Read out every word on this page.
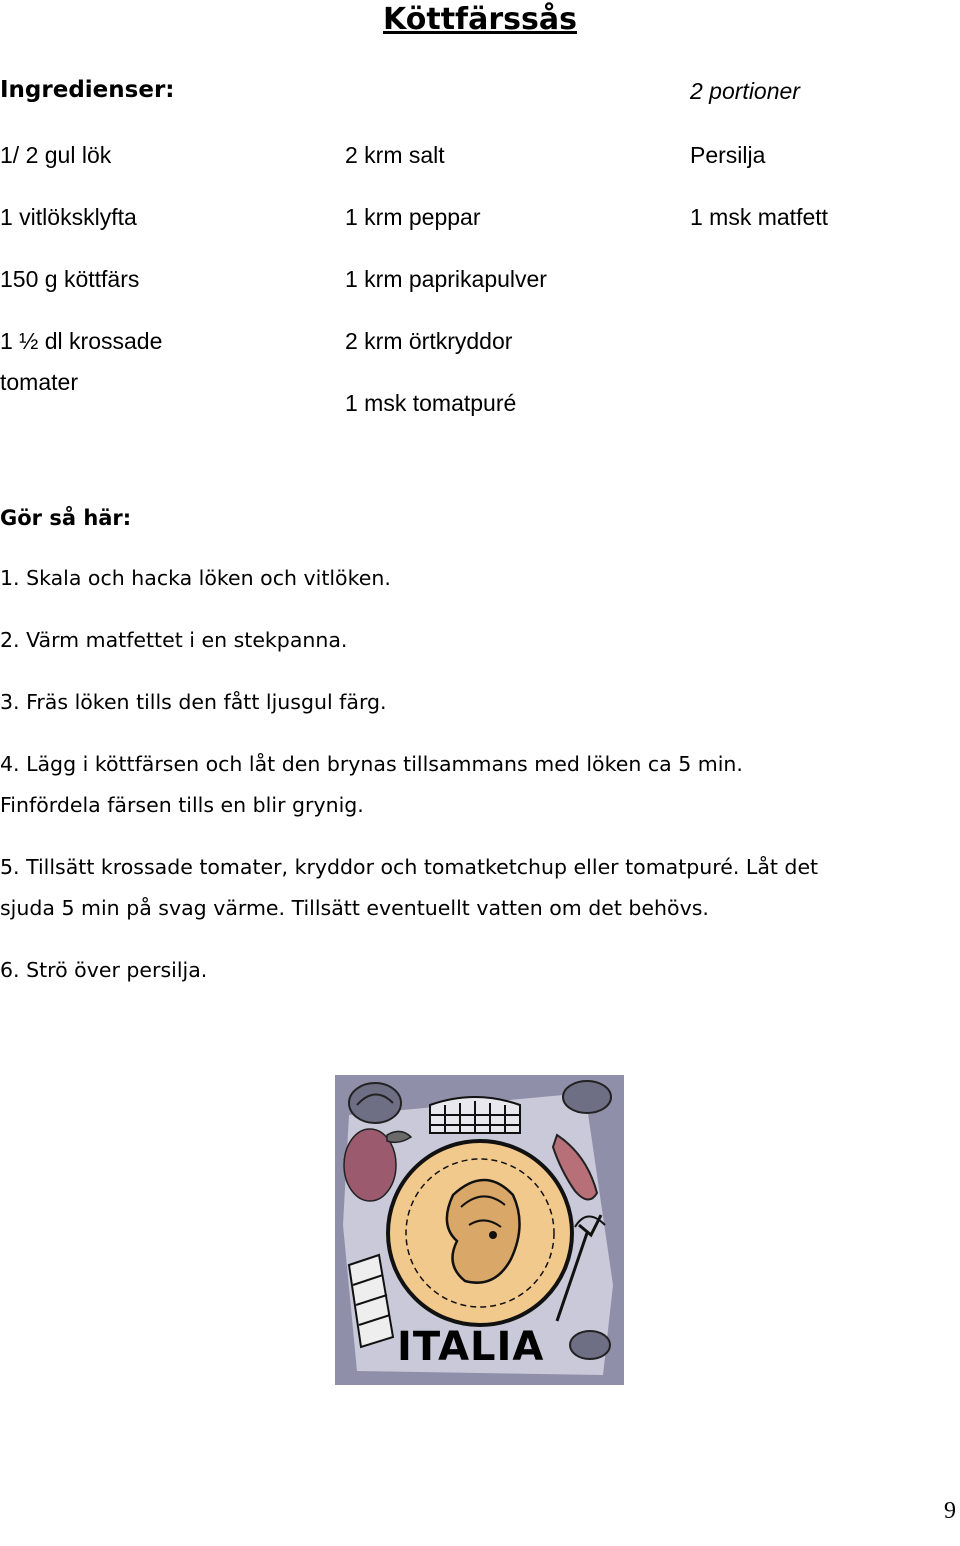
Köttfärssås
Ingredienser:	2 portioner
1/ 2 gul lök
1 vitlöksklyfta
150 g köttfärs
1 ½ dl krossade
tomater
2 krm salt
1 krm peppar
1 krm paprikapulver
2 krm örtkryddor
1 msk tomatpuré
Persilja
1 msk matfett
Gör så här:
1. Skala och hacka löken och vitlöken.
2. Värm matfettet i en stekpanna.
3. Fräs löken tills den fått ljusgul färg.
4. Lägg i köttfärsen och låt den brynas tillsammans med löken ca 5 min.
Finfördela färsen tills en blir grynig.
5. Tillsätt krossade tomater, kryddor och tomatketchup eller tomatpuré. Låt det
sjuda 5 min på svag värme. Tillsätt eventuellt vatten om det behövs.
6. Strö över persilja.
ITALIA
9
